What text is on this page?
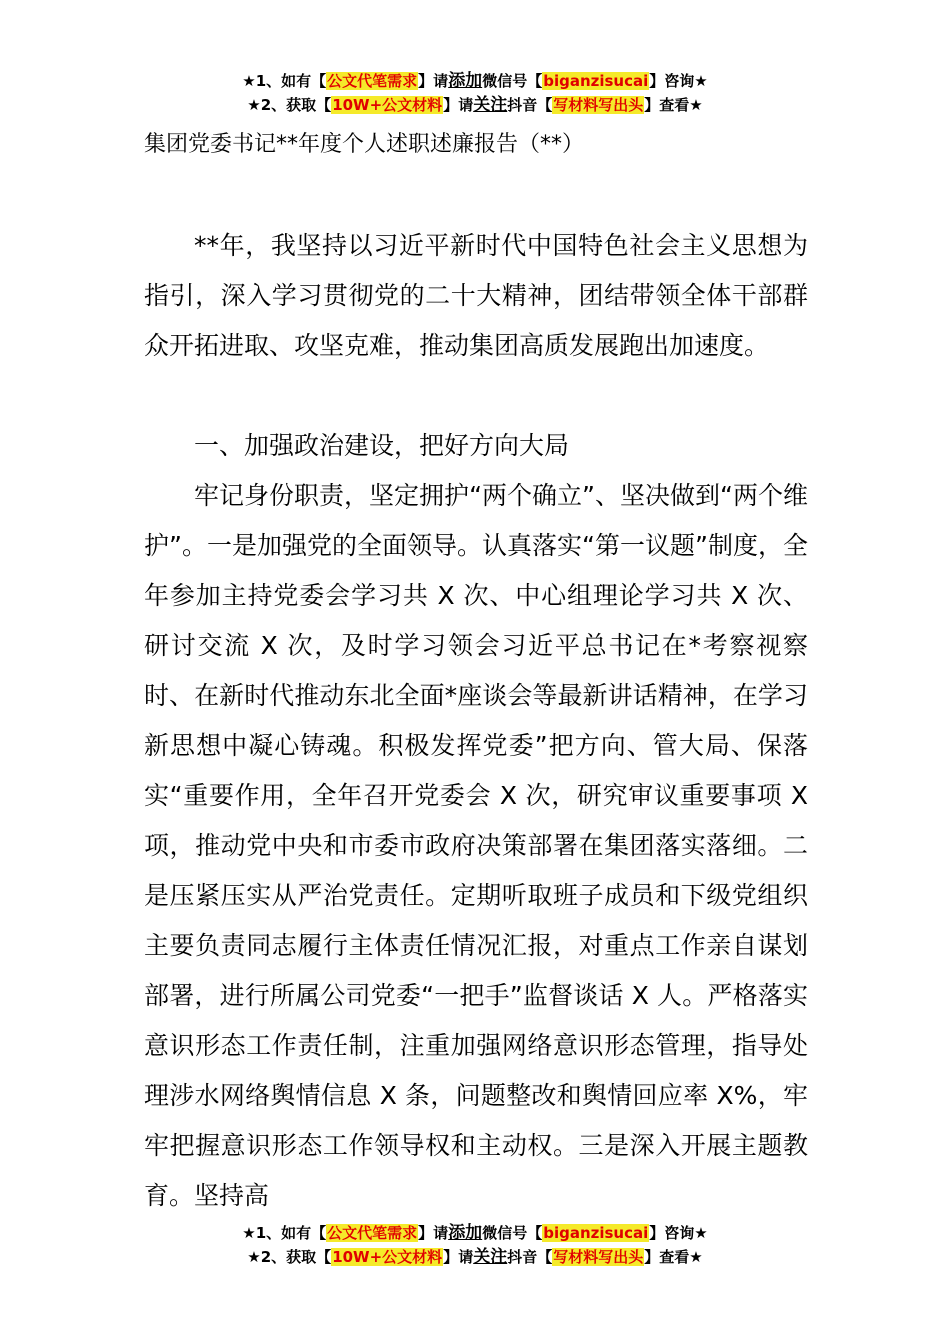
★1、如有【公文代笔需求】请添加微信号【biganzisucai】咨询★
★2、获取【10W+公文材料】请关注抖音【写材料写出头】查看★
集团党委书记**年度个人述职述廉报告（**）

**年，我坚持以习近平新时代中国特色社会主义思想为指引，深入学习贯彻党的二十大精神，团结带领全体干部群众开拓进取、攻坚克难，推动集团高质发展跑出加速度。

一、加强政治建设，把好方向大局

牢记身份职责，坚定拥护“两个确立”、坚决做到“两个维护”。一是加强党的全面领导。认真落实“第一议题”制度，全年参加主持党委会学习共 X 次、中心组理论学习共 X 次、研讨交流 X 次，及时学习领会习近平总书记在*考察视察时、在新时代推动东北全面*座谈会等最新讲话精神，在学习新思想中凝心铸魂。积极发挥党委”把方向、管大局、保落实“重要作用，全年召开党委会 X 次，研究审议重要事项 X 项，推动党中央和市委市政府决策部署在集团落实落细。二是压紧压实从严治党责任。定期听取班子成员和下级党组织主要负责同志履行主体责任情况汇报，对重点工作亲自谋划部署，进行所属公司党委“一把手”监督谈话 X 人。严格落实意识形态工作责任制，注重加强网络意识形态管理，指导处理涉水网络舆情信息 X 条，问题整改和舆情回应率 X%，牢牢把握意识形态工作领导权和主动权。三是深入开展主题教育。坚持高

★1、如有【公文代笔需求】请添加微信号【biganzisucai】咨询★
★2、获取【10W+公文材料】请关注抖音【写材料写出头】查看★
